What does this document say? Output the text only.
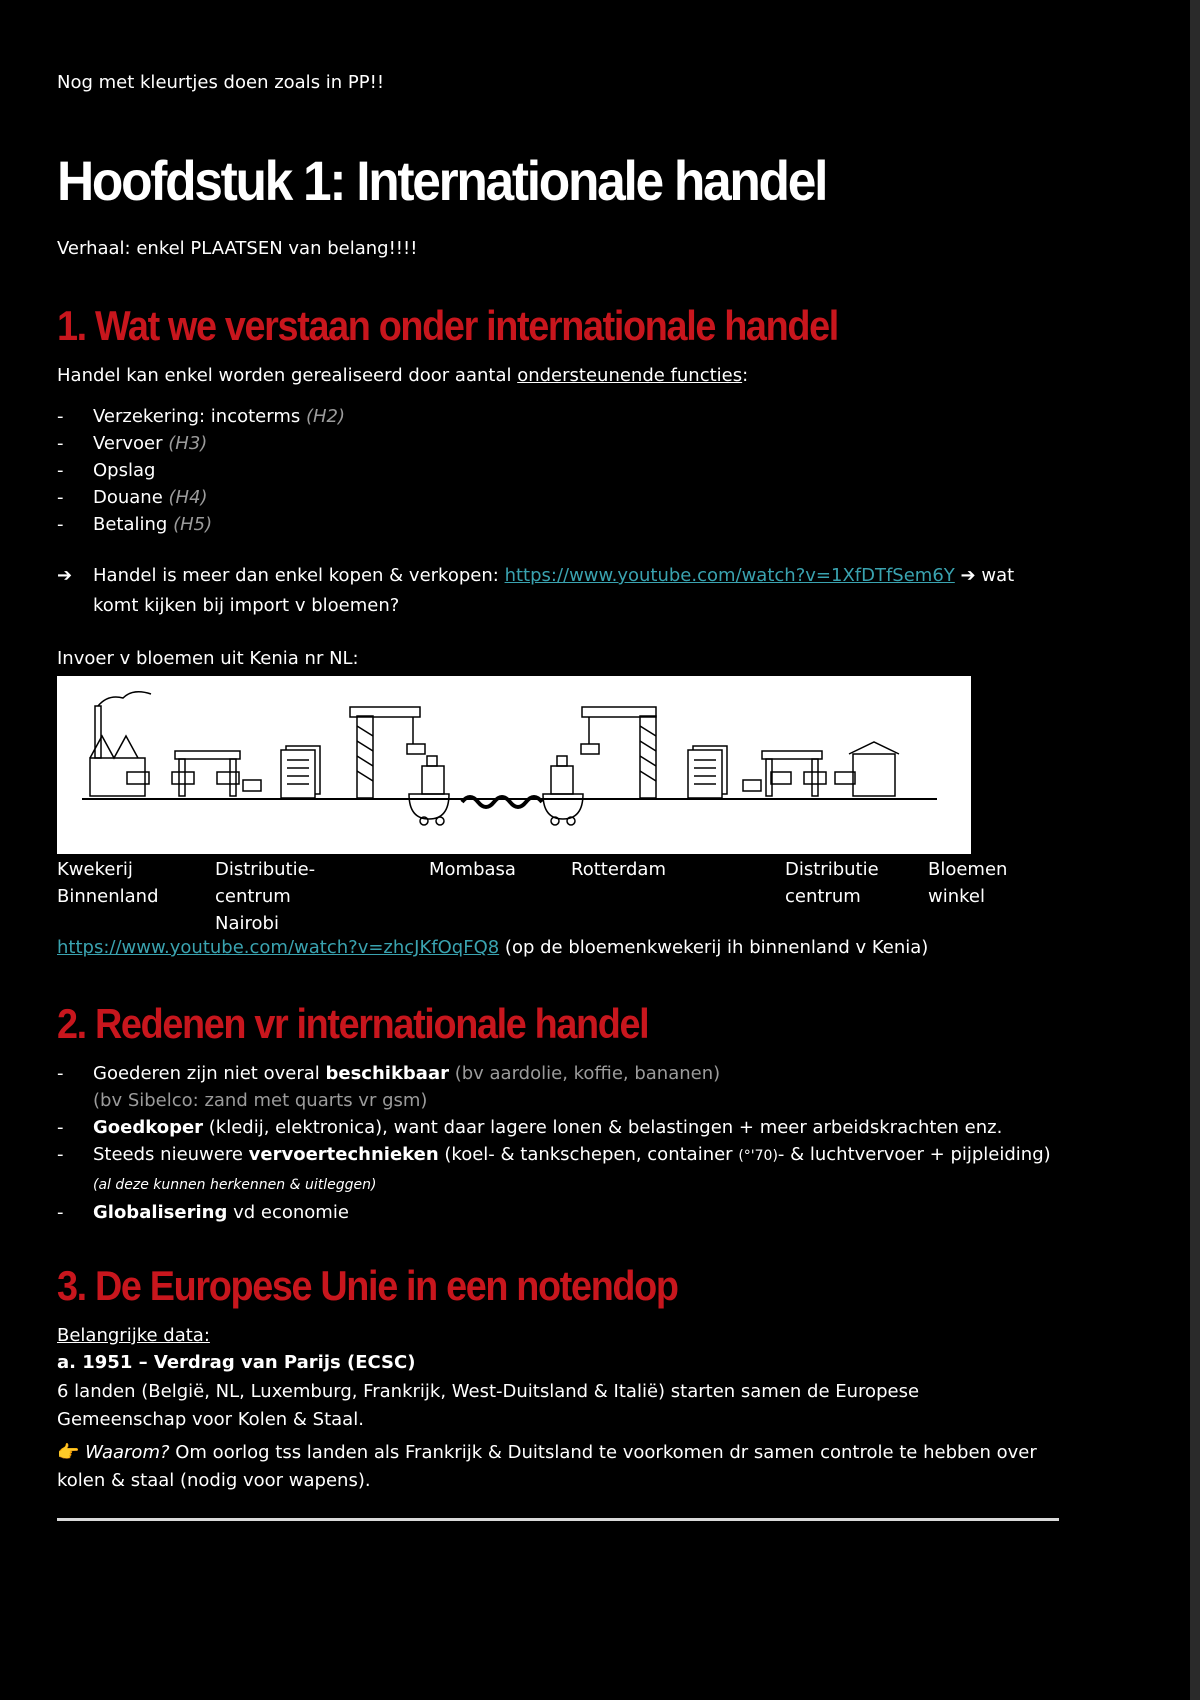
Nog met kleurtjes doen zoals in PP!!
Hoofdstuk 1: Internationale handel
Verhaal: enkel PLAATSEN van belang!!!!
1. Wat we verstaan onder internationale handel
Handel kan enkel worden gerealiseerd door aantal ondersteunende functies:
- Verzekering: incoterms (H2)
- Vervoer (H3)
- Opslag
- Douane (H4)
- Betaling (H5)
➔	Handel is meer dan enkel kopen & verkopen: https://www.youtube.com/watch?v=1XfDTfSem6Y ➔ wat komt kijken bij import v bloemen?
Invoer v bloemen uit Kenia nr NL:
Kwekerij
Binnenland
Distributie-
centrum
Nairobi
Mombasa	Rotterdam	Distributie
centrum
Bloemen
winkel
https://www.youtube.com/watch?v=zhcJKfOqFQ8 (op de bloemenkwekerij ih binnenland v Kenia)
2. Redenen vr internationale handel
- Goederen zijn niet overal beschikbaar (bv aardolie, koffie, bananen)
(bv Sibelco: zand met quarts vr gsm)
- Goedkoper (kledij, elektronica), want daar lagere lonen & belastingen + meer arbeidskrachten enz.
- Steeds nieuwere vervoertechnieken (koel- & tankschepen, container (°'70)- & luchtvervoer + pijpleiding) (al deze kunnen herkennen & uitleggen)
- Globalisering vd economie
3. De Europese Unie in een notendop
Belangrijke data:
a. 1951 – Verdrag van Parijs (ECSC)
6 landen (België, NL, Luxemburg, Frankrijk, West-Duitsland & Italië) starten samen de Europese Gemeenschap voor Kolen & Staal.
👉 Waarom? Om oorlog tss landen als Frankrijk & Duitsland te voorkomen dr samen controle te hebben over kolen & staal (nodig voor wapens).
